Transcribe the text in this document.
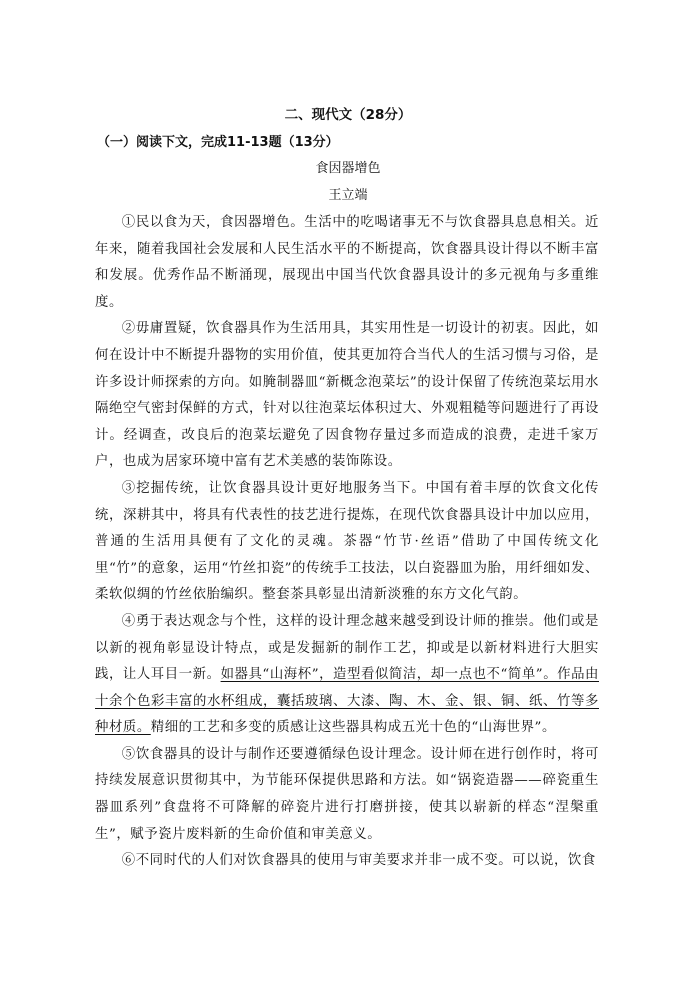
二、现代文（28分）
（一）阅读下文，完成11-13题（13分）
食因器增色
王立端

①民以食为天，食因器增色。生活中的吃喝诸事无不与饮食器具息息相关。近年来，随着我国社会发展和人民生活水平的不断提高，饮食器具设计得以不断丰富和发展。优秀作品不断涌现，展现出中国当代饮食器具设计的多元视角与多重维度。

②毋庸置疑，饮食器具作为生活用具，其实用性是一切设计的初衷。因此，如何在设计中不断提升器物的实用价值，使其更加符合当代人的生活习惯与习俗，是许多设计师探索的方向。如腌制器皿“新概念泡菜坛”的设计保留了传统泡菜坛用水隔绝空气密封保鲜的方式，针对以往泡菜坛体积过大、外观粗糙等问题进行了再设计。经调查，改良后的泡菜坛避免了因食物存量过多而造成的浪费，走进千家万户，也成为居家环境中富有艺术美感的装饰陈设。

③挖掘传统，让饮食器具设计更好地服务当下。中国有着丰厚的饮食文化传统，深耕其中，将具有代表性的技艺进行提炼，在现代饮食器具设计中加以应用，普通的生活用具便有了文化的灵魂。茶器“竹节·丝语”借助了中国传统文化里“竹”的意象，运用“竹丝扣瓷”的传统手工技法，以白瓷器皿为胎，用纤细如发、柔软似绸的竹丝依胎编织。整套茶具彰显出清新淡雅的东方文化气韵。

④勇于表达观念与个性，这样的设计理念越来越受到设计师的推崇。他们或是以新的视角彰显设计特点，或是发掘新的制作工艺，抑或是以新材料进行大胆实践，让人耳目一新。如器具“山海杯”，造型看似简洁，却一点也不“简单”。作品由十余个色彩丰富的水杯组成，囊括玻璃、大漆、陶、木、金、银、铜、纸、竹等多种材质。精细的工艺和多变的质感让这些器具构成五光十色的“山海世界”。

⑤饮食器具的设计与制作还要遵循绿色设计理念。设计师在进行创作时，将可持续发展意识贯彻其中，为节能环保提供思路和方法。如“锅瓷造器——碎瓷重生器皿系列”食盘将不可降解的碎瓷片进行打磨拼接，使其以崭新的样态“涅槃重生”，赋予瓷片废料新的生命价值和审美意义。

⑥不同时代的人们对饮食器具的使用与审美要求并非一成不变。可以说，饮食
